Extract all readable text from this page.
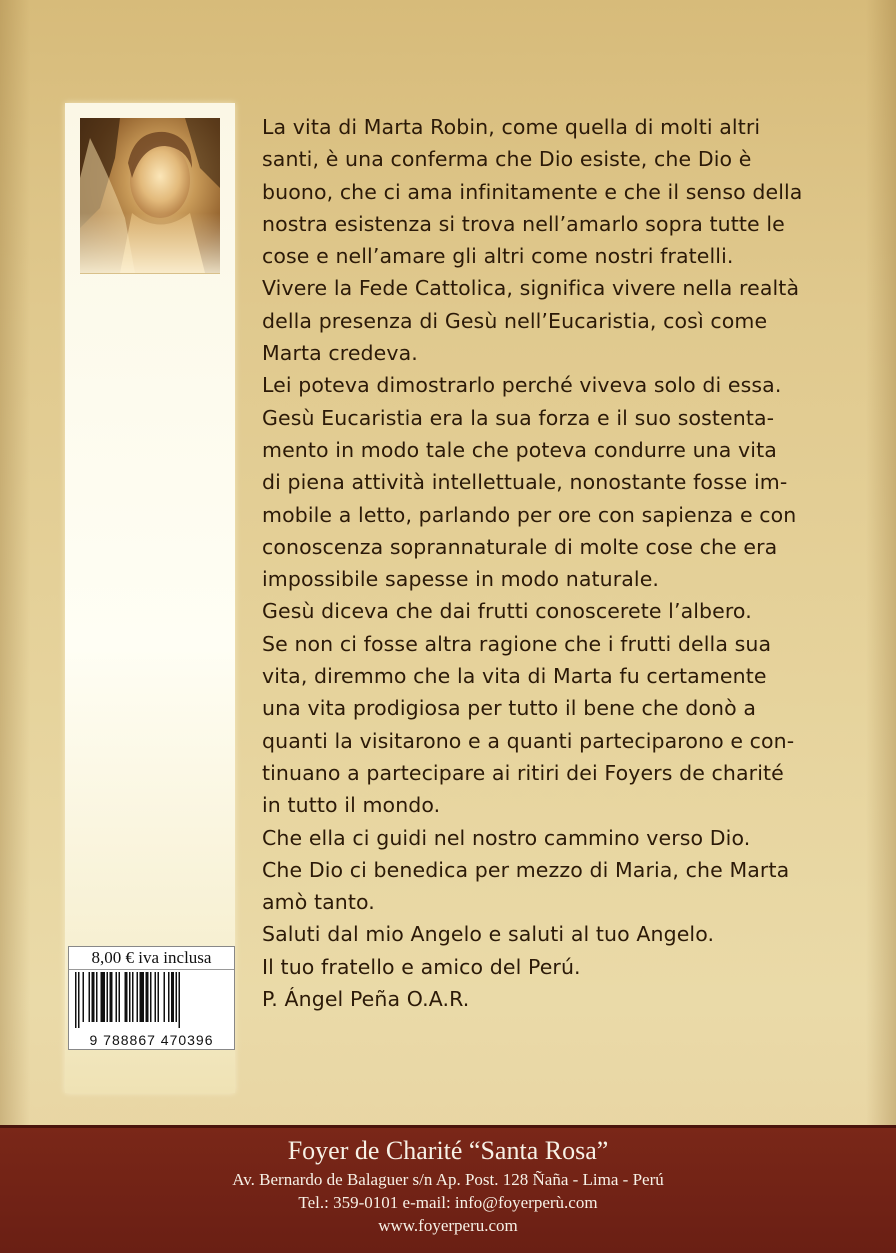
La vita di Marta Robin, come quella di molti altri
santi, è una conferma che Dio esiste, che Dio è
buono, che ci ama infinitamente e che il senso della
nostra esistenza si trova nell’amarlo sopra tutte le
cose e nell’amare gli altri come nostri fratelli.
Vivere la Fede Cattolica, significa vivere nella realtà
della presenza di Gesù nell’Eucaristia, così come
Marta credeva.
Lei poteva dimostrarlo perché viveva solo di essa.
Gesù Eucaristia era la sua forza e il suo sostenta-
mento in modo tale che poteva condurre una vita
di piena attività intellettuale, nonostante fosse im-
mobile a letto, parlando per ore con sapienza e con
conoscenza soprannaturale di molte cose che era
impossibile sapesse in modo naturale.
Gesù diceva che dai frutti conoscerete l’albero.
Se non ci fosse altra ragione che i frutti della sua
vita, diremmo che la vita di Marta fu certamente
una vita prodigiosa per tutto il bene che donò a
quanti la visitarono e a quanti parteciparono e con-
tinuano a partecipare ai ritiri dei Foyers de charité
in tutto il mondo.
Che ella ci guidi nel nostro cammino verso Dio.
Che Dio ci benedica per mezzo di Maria, che Marta
amò tanto.
Saluti dal mio Angelo e saluti al tuo Angelo.
Il tuo fratello e amico del Perú.
P. Ángel Peña O.A.R.
8,00 € iva inclusa
9 788867 470396
Foyer de Charité “Santa Rosa”
Av. Bernardo de Balaguer s/n Ap. Post. 128 Ñaña - Lima - Perú
Tel.: 359-0101 e-mail: info@foyerperù.com
www.foyerperu.com
